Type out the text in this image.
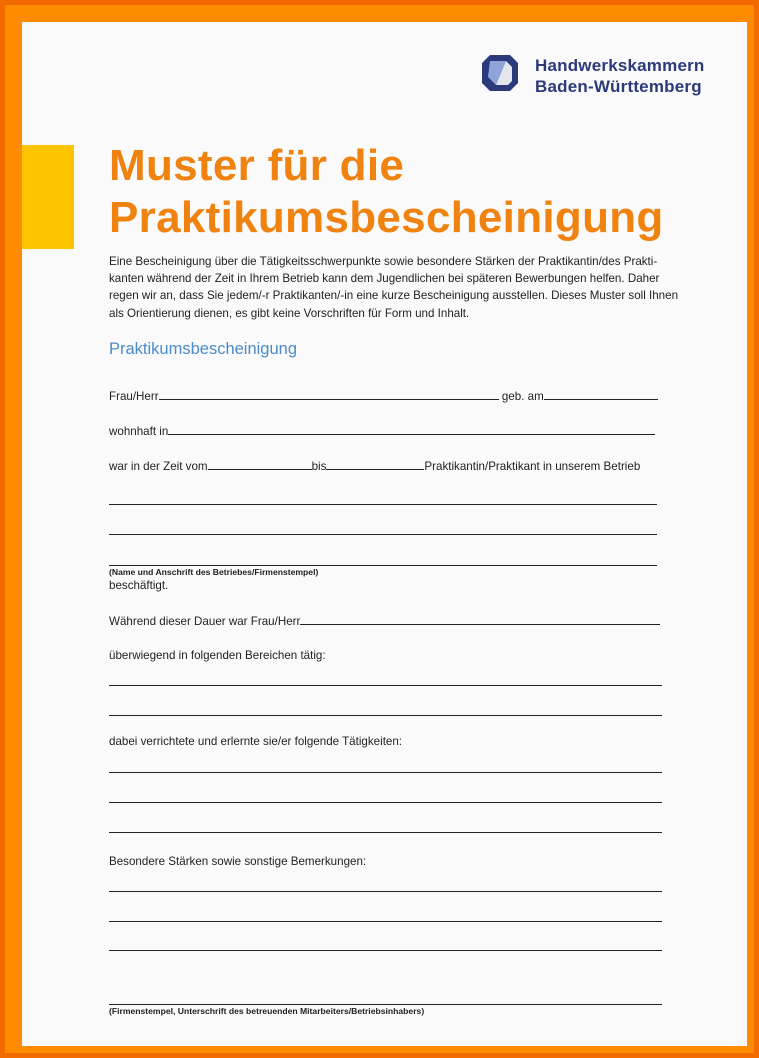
Handwerkskammern
Baden-Württemberg
Muster für die
Praktikumsbescheinigung
Eine Bescheinigung über die Tätigkeitsschwerpunkte sowie besondere Stärken der Praktikantin/des Prakti-
kanten während der Zeit in Ihrem Betrieb kann dem Jugendlichen bei späteren Bewerbungen helfen. Daher
regen wir an, dass Sie jedem/-r Praktikanten/-in eine kurze Bescheinigung ausstellen. Dieses Muster soll Ihnen
als Orientierung dienen, es gibt keine Vorschriften für Form und Inhalt.
Praktikumsbescheinigung
Frau/Herr	geb. am
wohnhaft in
war in der Zeit vom	bis	Praktikantin/Praktikant in unserem Betrieb
(Name und Anschrift des Betriebes/Firmenstempel)
beschäftigt.
Während dieser Dauer war Frau/Herr
überwiegend in folgenden Bereichen tätig:
dabei verrichtete und erlernte sie/er folgende Tätigkeiten:
Besondere Stärken sowie sonstige Bemerkungen:
(Firmenstempel, Unterschrift des betreuenden Mitarbeiters/Betriebsinhabers)
